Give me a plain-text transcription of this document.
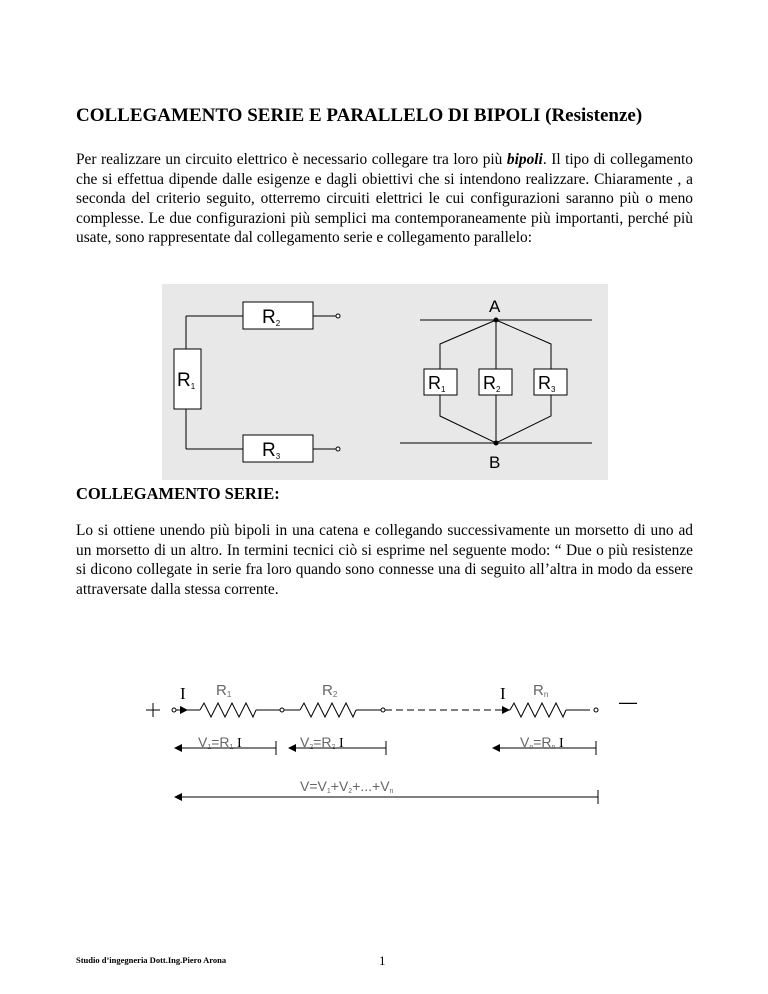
COLLEGAMENTO SERIE E PARALLELO DI BIPOLI (Resistenze)

Per realizzare un circuito elettrico è necessario collegare tra loro più bipoli. Il tipo di collegamento che si effettua dipende dalle esigenze e dagli obiettivi che si intendono realizzare. Chiaramente , a seconda del criterio seguito, otterremo circuiti elettrici le cui configurazioni saranno più o meno complesse. Le due configurazioni più semplici ma contemporaneamente più importanti, perché più usate, sono rappresentate dal collegamento serie e collegamento parallelo:

R2
R1
R3
R1 R2 R3
A
B
COLLEGAMENTO SERIE:

Lo si ottiene unendo più bipoli in una catena e collegando successivamente un morsetto di uno ad un morsetto di un altro. In termini tecnici ciò si esprime nel seguente modo: “ Due o più resistenze si dicono collegate in serie fra loro quando sono connesse una di seguito all’altra in modo da essere attraversate dalla stessa corrente.

—
I	I
R1	R2	Rn
V1=R1 I	V2=R2 I	Vn=Rn I
V=V1+V2+...+Vn
Studio d’ingegneria Dott.Ing.Piero Arona	1
